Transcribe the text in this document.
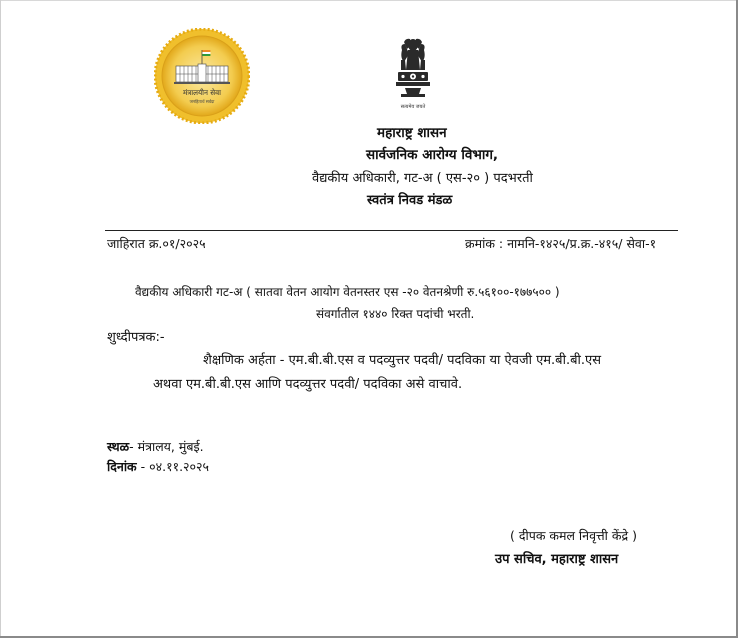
मंत्रालयीन सेवा
जनहितार्थ सर्वदा
सत्यमेव जयते
महाराष्ट्र शासन
सार्वजनिक आरोग्य विभाग,
वैद्यकीय अधिकारी, गट-अ ( एस-२० ) पदभरती
स्वतंत्र निवड मंडळ
जाहिरात क्र.०१/२०२५	क्रमांक : नामनि-१४२५/प्र.क्र.-४१५/ सेवा-१
वैद्यकीय अधिकारी गट-अ ( सातवा वेतन आयोग वेतनस्तर एस -२० वेतनश्रेणी रु.५६१००-१७७५०० )
संवर्गातील १४४० रिक्त पदांची भरती.
शुध्दीपत्रक:-
शैक्षणिक अर्हता - एम.बी.बी.एस व पदव्युत्तर पदवी/ पदविका या ऐवजी एम.बी.बी.एस
अथवा एम.बी.बी.एस आणि पदव्युत्तर पदवी/ पदविका असे वाचावे.
स्थळ- मंत्रालय, मुंबई.
दिनांक - ०४.११.२०२५
( दीपक कमल निवृत्ती केंद्रे )
उप सचिव, महाराष्ट्र शासन
